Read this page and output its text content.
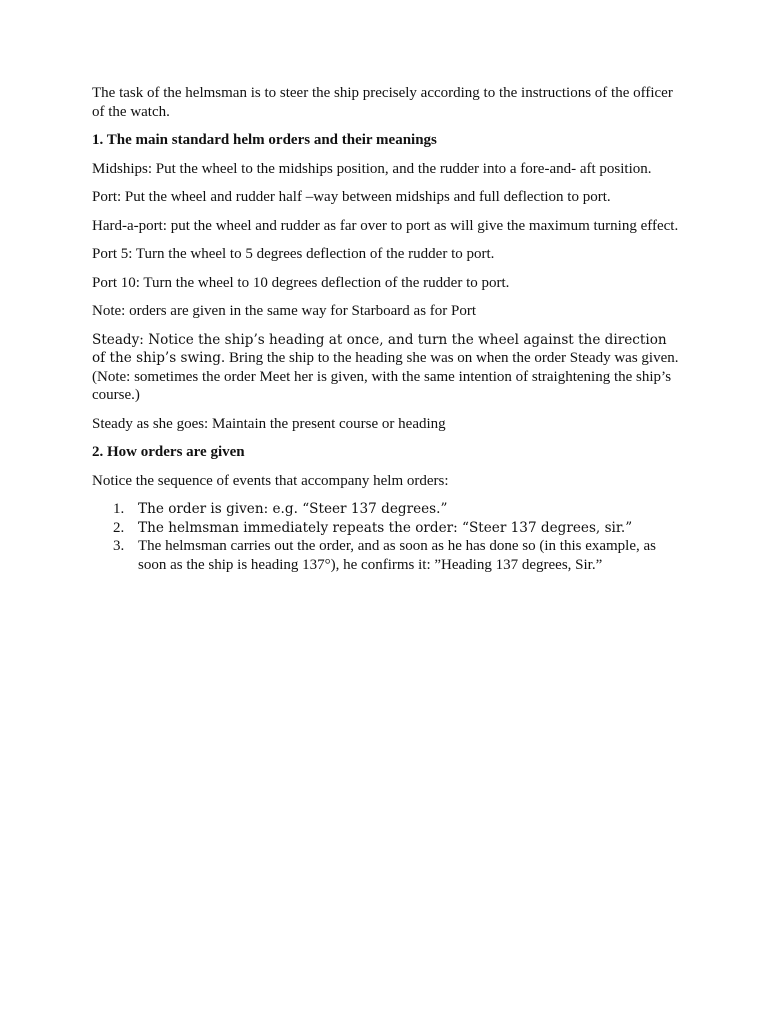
The task of the helmsman is to steer the ship precisely according to the instructions of the officer of the watch.

1. The main standard helm orders and their meanings

Midships: Put the wheel to the midships position, and the rudder into a fore-and- aft position.

Port: Put the wheel and rudder half –way between midships and full deflection to port.

Hard-a-port: put the wheel and rudder as far over to port as will give the maximum turning effect.

Port 5: Turn the wheel to 5 degrees deflection of the rudder to port.

Port 10: Turn the wheel to 10 degrees deflection of the rudder to port.

Note: orders are given in the same way for Starboard as for Port

Steady: Notice the ship’s heading at once, and turn the wheel against the direction of the ship’s swing. Bring the ship to the heading she was on when the order Steady was given. (Note: sometimes the order Meet her is given, with the same intention of straightening the ship’s course.)

Steady as she goes: Maintain the present course or heading

2. How orders are given

Notice the sequence of events that accompany helm orders:

1. The order is given: e.g. “Steer 137 degrees.”
2. The helmsman immediately repeats the order: “Steer 137 degrees, sir.”
3. The helmsman carries out the order, and as soon as he has done so (in this example, as soon as the ship is heading 137°), he confirms it: ”Heading 137 degrees, Sir.”
